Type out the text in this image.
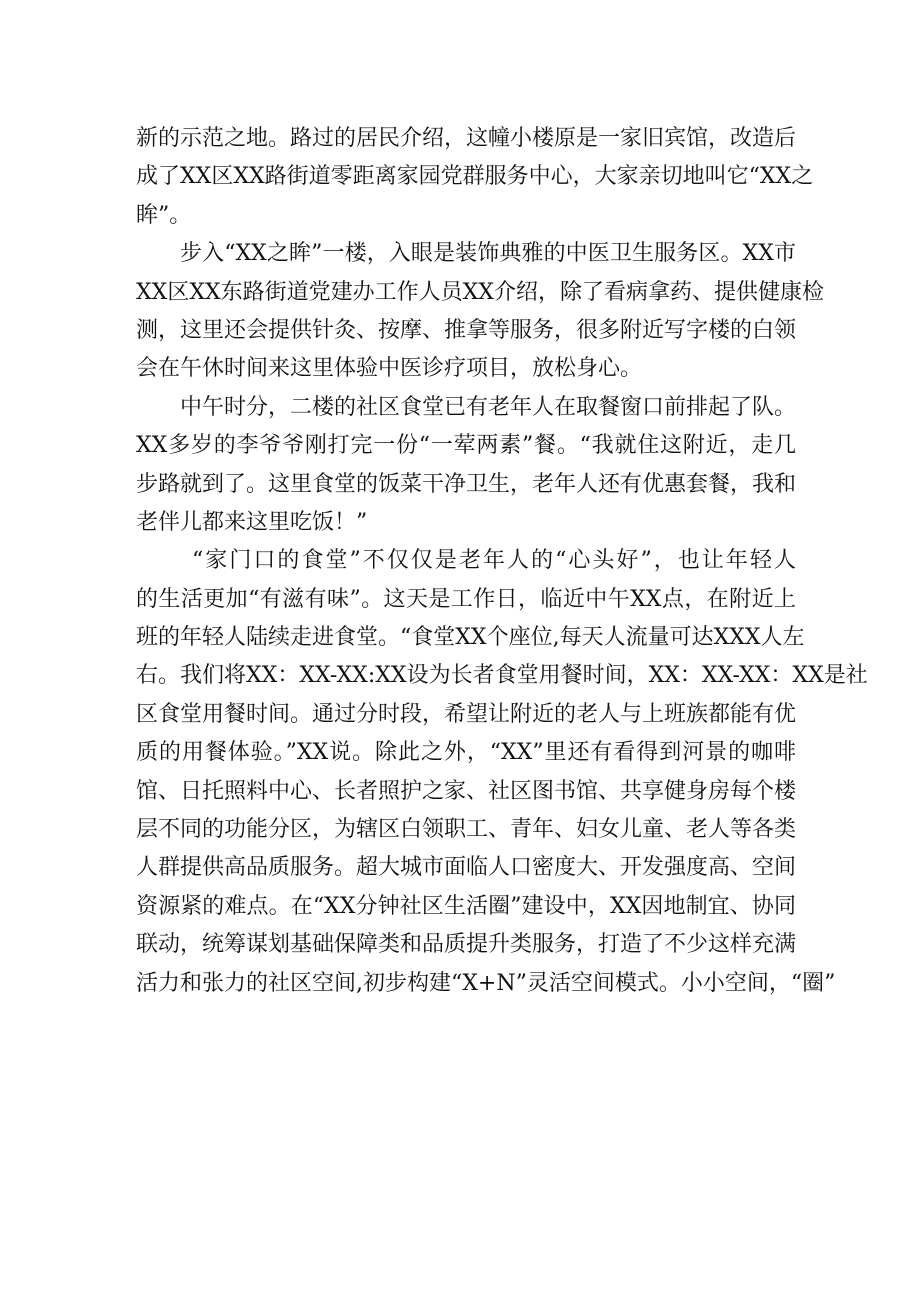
新的示范之地。路过的居民介绍，这幢小楼原是一家旧宾馆，改造后
成了XX区XX路街道零距离家园党群服务中心，大家亲切地叫它“XX之
眸”。
步入“XX之眸”一楼，入眼是装饰典雅的中医卫生服务区。XX市
XX区XX东路街道党建办工作人员XX介绍，除了看病拿药、提供健康检
测，这里还会提供针灸、按摩、推拿等服务，很多附近写字楼的白领
会在午休时间来这里体验中医诊疗项目，放松身心。
中午时分，二楼的社区食堂已有老年人在取餐窗口前排起了队。
XX多岁的李爷爷刚打完一份“一荤两素”餐。“我就住这附近，走几
步路就到了。这里食堂的饭菜干净卫生，老年人还有优惠套餐，我和
老伴儿都来这里吃饭！”
“家门口的食堂”不仅仅是老年人的“心头好”，也让年轻人
的生活更加“有滋有味”。这天是工作日，临近中午XX点，在附近上
班的年轻人陆续走进食堂。“食堂XX个座位,每天人流量可达XXX人左
右。我们将XX：XX-XX:XX设为长者食堂用餐时间，XX：XX-XX：XX是社
区食堂用餐时间。通过分时段，希望让附近的老人与上班族都能有优
质的用餐体验。”XX说。除此之外，“XX”里还有看得到河景的咖啡
馆、日托照料中心、长者照护之家、社区图书馆、共享健身房每个楼
层不同的功能分区，为辖区白领职工、青年、妇女儿童、老人等各类
人群提供高品质服务。超大城市面临人口密度大、开发强度高、空间
资源紧的难点。在“XX分钟社区生活圈”建设中，XX因地制宜、协同
联动，统筹谋划基础保障类和品质提升类服务，打造了不少这样充满
活力和张力的社区空间,初步构建“X+N”灵活空间模式。小小空间，“圈”
